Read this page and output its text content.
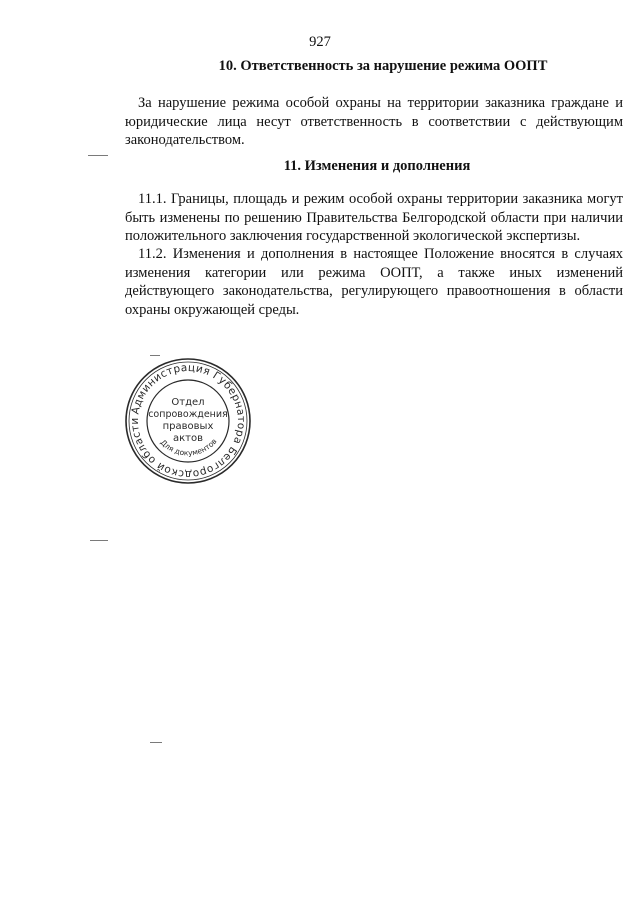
927
10. Ответственность за нарушение режима ООПТ
За нарушение режима особой охраны на территории заказника граждане и юридические лица несут ответственность в соответствии с действующим законодательством.
11. Изменения и дополнения
11.1. Границы, площадь и режим особой охраны территории заказника могут быть изменены по решению Правительства Белгородской области при наличии положительного заключения государственной экологической экспертизы.
11.2. Изменения и дополнения в настоящее Положение вносятся в случаях изменения категории или режима ООПТ, а также иных изменений действующего законодательства, регулирующего правоотношения в области охраны окружающей среды.
Администрация Губернатора Белгородской области
Отдел
сопровождения
правовых
актов
Для документов
